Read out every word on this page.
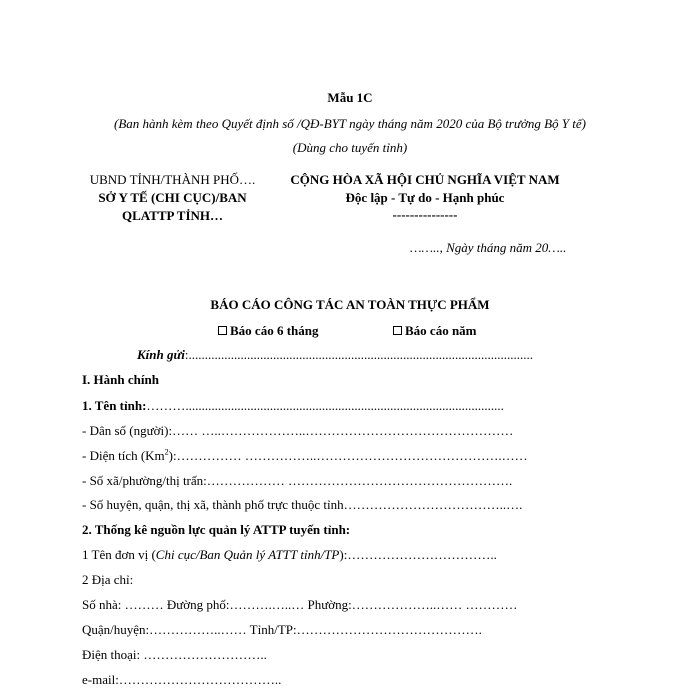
Mẫu 1C
(Ban hành kèm theo Quyết định số /QĐ-BYT ngày tháng năm 2020 của Bộ trưởng Bộ Y tế)
(Dùng cho tuyến tỉnh)
UBND TỈNH/THÀNH PHỐ….
SỞ Y TẾ (CHI CỤC)/BAN
QLATTP TỈNH…
CỘNG HÒA XÃ HỘI CHỦ NGHĨA VIỆT NAM
Độc lập - Tự do - Hạnh phúc
---------------
…….., Ngày tháng năm 20…..
BÁO CÁO CÔNG TÁC AN TOÀN THỰC PHẨM
Báo cáo 6 tháng	Báo cáo năm
Kính gửi:..........................................................................................................
I. Hành chính
1. Tên tỉnh:………..................................................................................................
- Dân số (người):…… …..………………..…………………………………………
- Diện tích (Km$^2$):…………… ……………..…………………………………….……
- Số xã/phường/thị trấn:……………… …………………………………………….
- Số huyện, quận, thị xã, thành phố trực thuộc tỉnh………………………………..….
2. Thống kê nguồn lực quản lý ATTP tuyến tỉnh:
1 Tên đơn vị (Chi cục/Ban Quản lý ATTT tỉnh/TP):……………………………..
2 Địa chỉ:
Số nhà: ……… Đường phố:……….…..… Phường:………………..…… …………
Quận/huyện:……………..…… Tỉnh/TP:…………………………………….
Điện thoại: ………………………..
e-mail:………………………………..
